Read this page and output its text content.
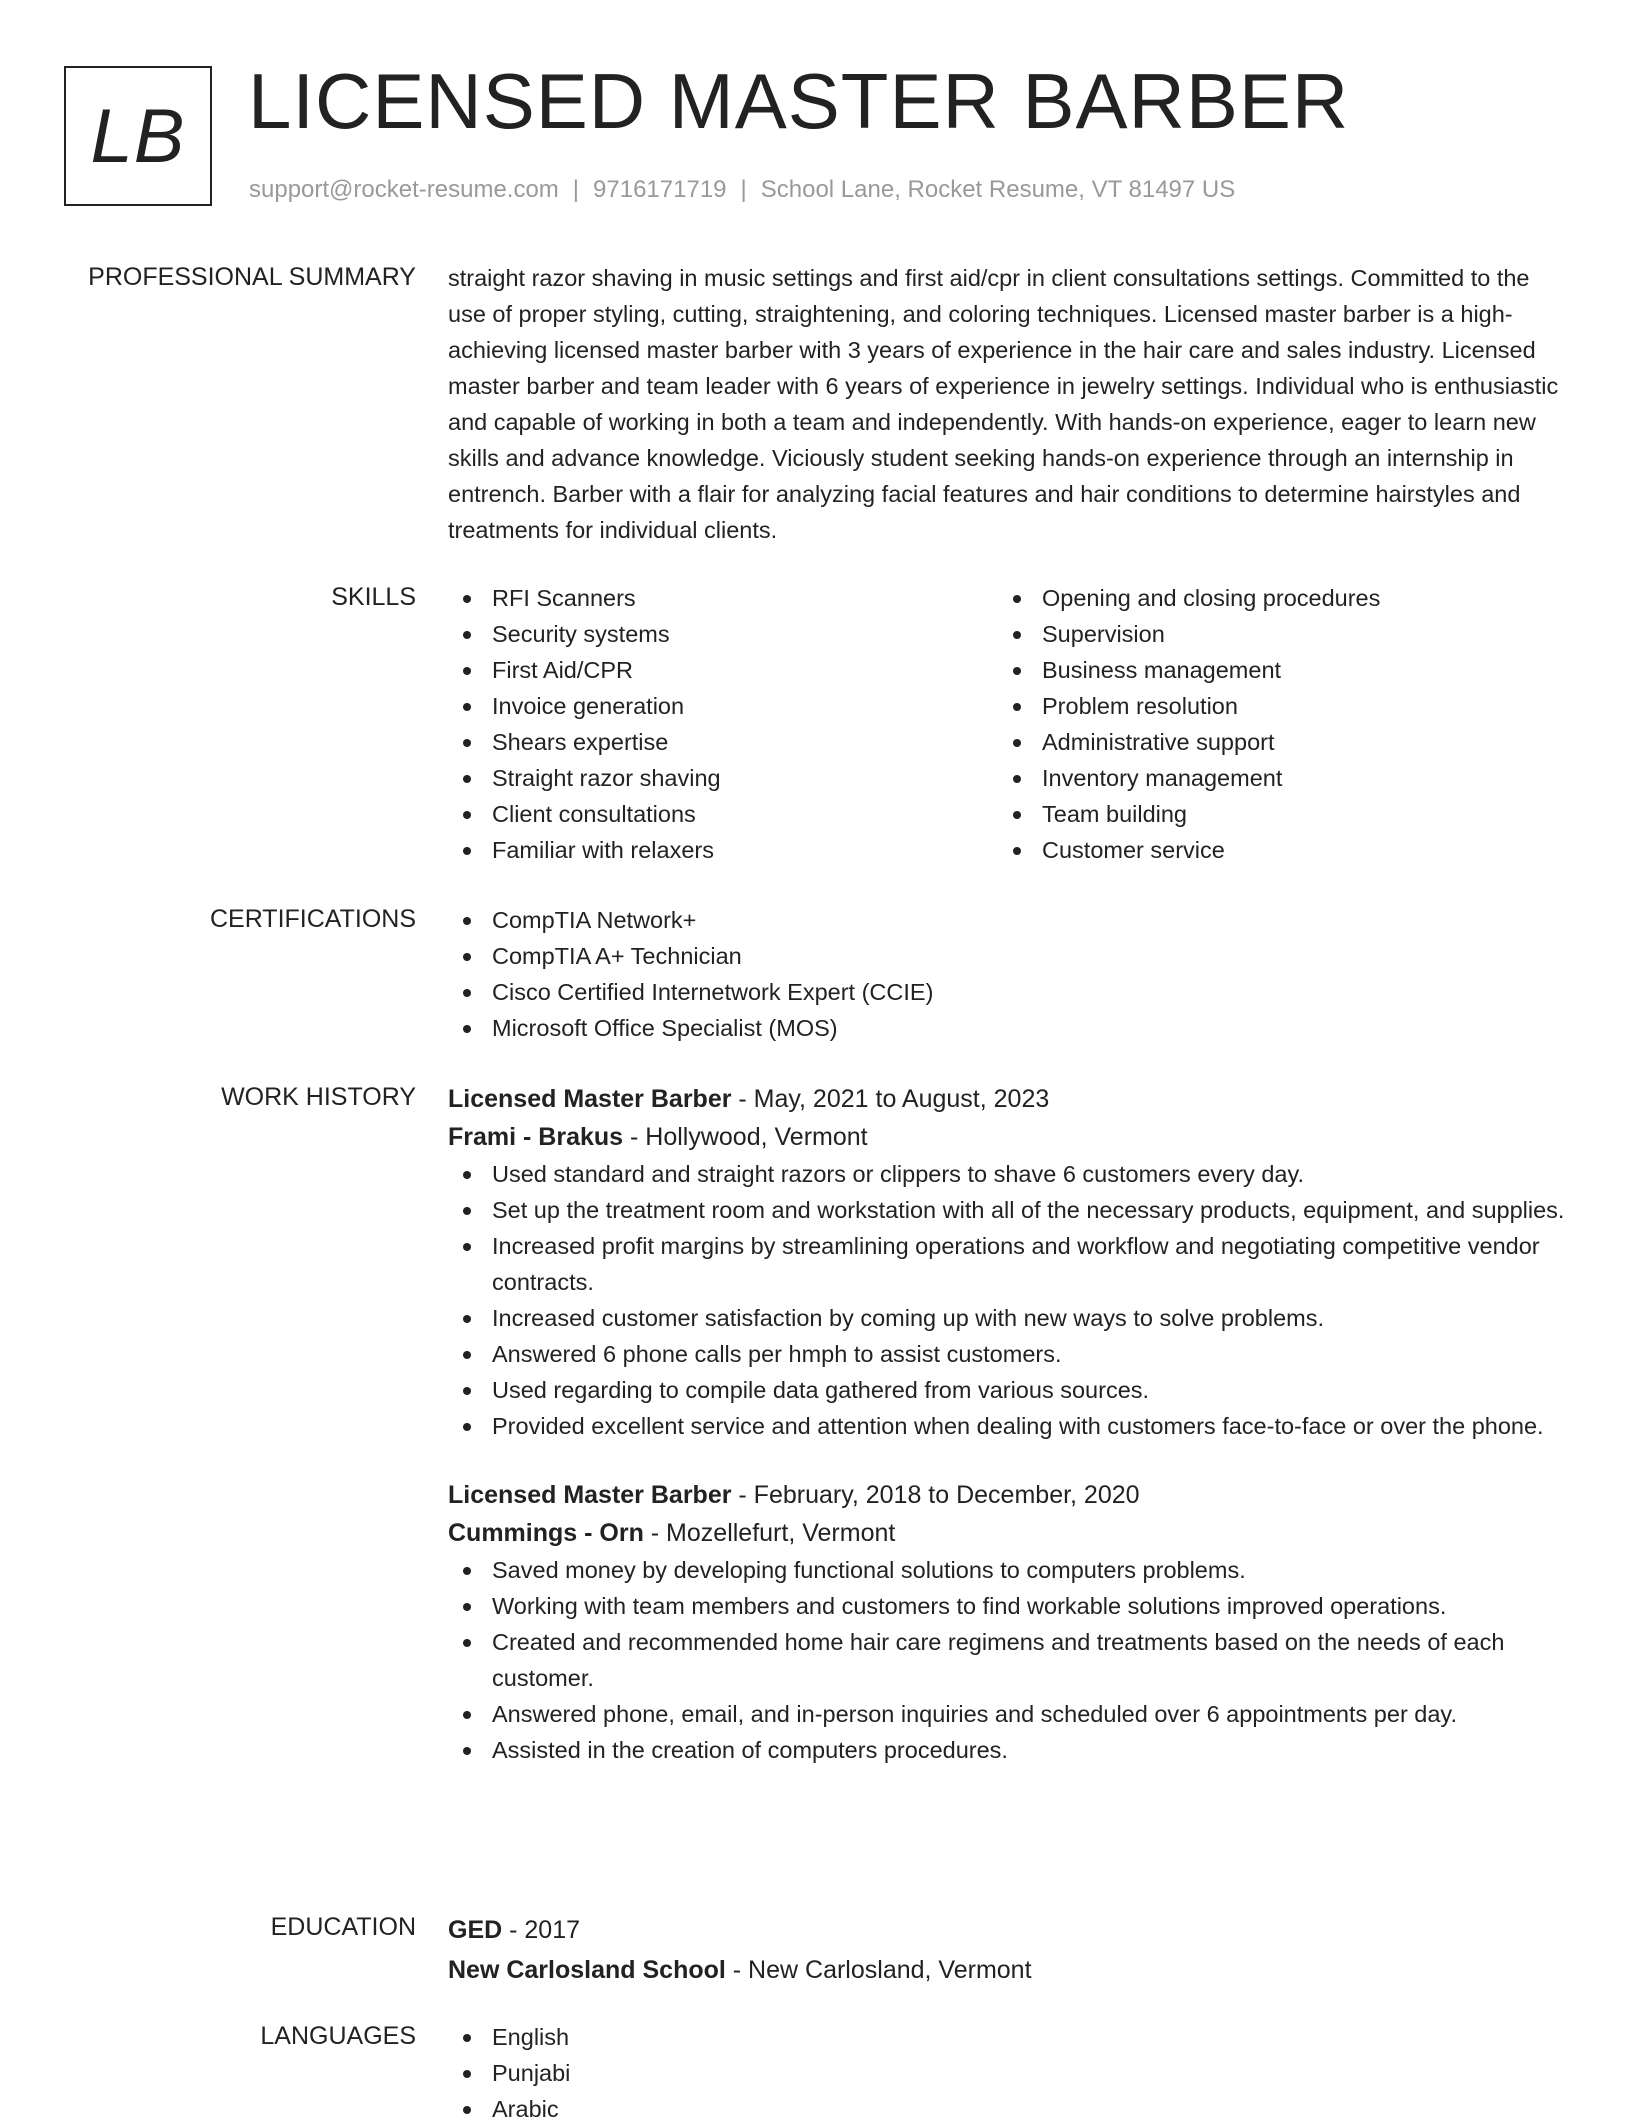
LB LICENSED MASTER BARBER
support@rocket-resume.com | 9716171719 | School Lane, Rocket Resume, VT 81497 US
PROFESSIONAL SUMMARY straight razor shaving in music settings and first aid/cpr in client consultations settings. Committed to the use of proper styling, cutting, straightening, and coloring techniques. Licensed master barber is a high-achieving licensed master barber with 3 years of experience in the hair care and sales industry. Licensed master barber and team leader with 6 years of experience in jewelry settings. Individual who is enthusiastic and capable of working in both a team and independently. With hands-on experience, eager to learn new skills and advance knowledge. Viciously student seeking hands-on experience through an internship in entrench. Barber with a flair for analyzing facial features and hair conditions to determine hairstyles and treatments for individual clients.

SKILLS	RFI Scanners
Security systems
First Aid/CPR
Invoice generation
Shears expertise
Straight razor shaving
Client consultations
Familiar with relaxers
Opening and closing procedures
Supervision
Business management
Problem resolution
Administrative support
Inventory management
Team building
Customer service
CERTIFICATIONS	CompTIA Network+
CompTIA A+ Technician
Cisco Certified Internetwork Expert (CCIE)
Microsoft Office Specialist (MOS)
WORK HISTORY Licensed Master Barber - May, 2021 to August, 2023
Frami - Brakus - Hollywood, Vermont
Used standard and straight razors or clippers to shave 6 customers every day.
Set up the treatment room and workstation with all of the necessary products, equipment, and supplies.
Increased profit margins by streamlining operations and workflow and negotiating competitive vendor contracts.
Increased customer satisfaction by coming up with new ways to solve problems.
Answered 6 phone calls per hmph to assist customers.
Used regarding to compile data gathered from various sources.
Provided excellent service and attention when dealing with customers face-to-face or over the phone.
Licensed Master Barber - February, 2018 to December, 2020
Cummings - Orn - Mozellefurt, Vermont
Saved money by developing functional solutions to computers problems.
Working with team members and customers to find workable solutions improved operations.
Created and recommended home hair care regimens and treatments based on the needs of each customer.
Answered phone, email, and in-person inquiries and scheduled over 6 appointments per day.
Assisted in the creation of computers procedures.
EDUCATION GED - 2017
New Carlosland School - New Carlosland, Vermont
LANGUAGES	English
Punjabi
Arabic
